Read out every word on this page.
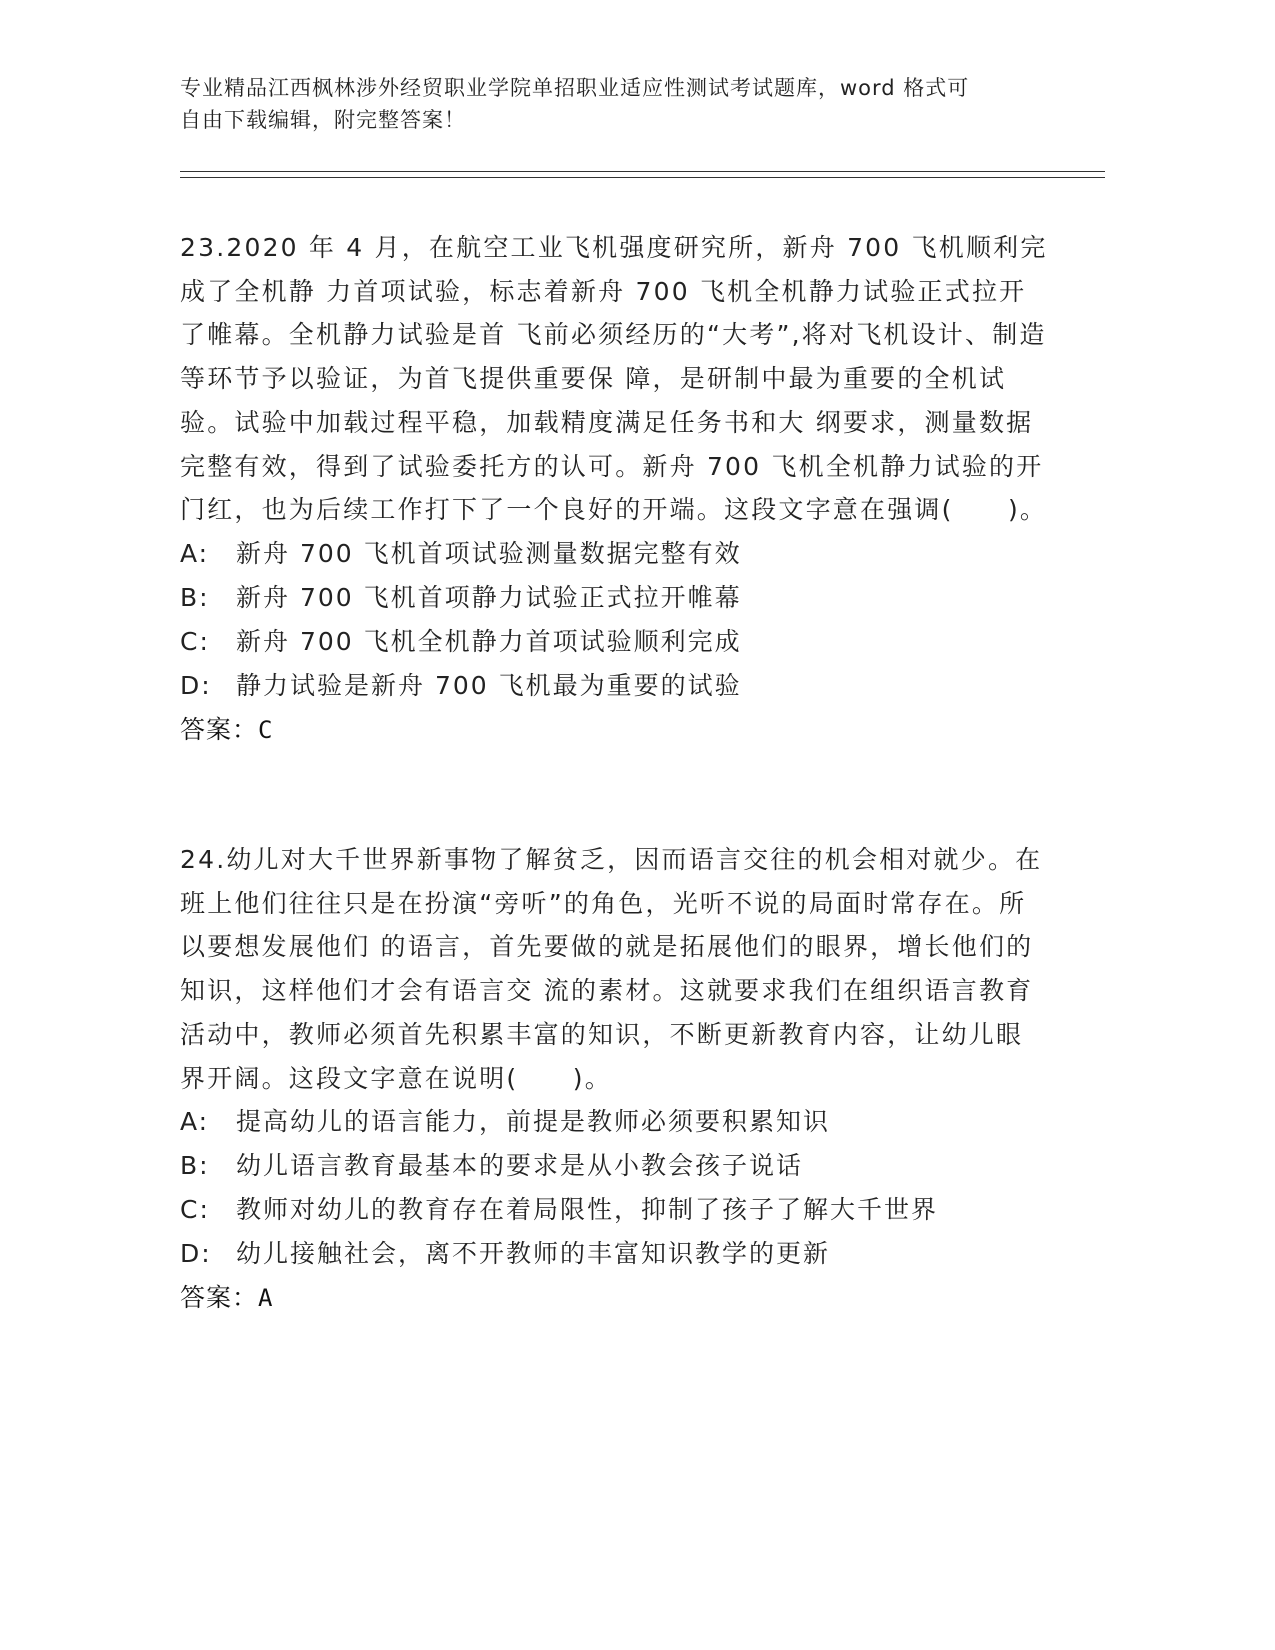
专业精品江西枫林涉外经贸职业学院单招职业适应性测试考试题库，word 格式可
自由下载编辑，附完整答案！

23.2020 年 4 月，在航空工业飞机强度研究所，新舟 700 飞机顺利完成了全机静 力首项试验，标志着新舟 700 飞机全机静力试验正式拉开了帷幕。全机静力试验是首 飞前必须经历的“大考”,将对飞机设计、制造等环节予以验证，为首飞提供重要保 障，是研制中最为重要的全机试验。试验中加载过程平稳，加载精度满足任务书和大 纲要求，测量数据完整有效，得到了试验委托方的认可。新舟 700 飞机全机静力试验的开门红，也为后续工作打下了一个良好的开端。这段文字意在强调(　　)。

A:	新舟 700 飞机首项试验测量数据完整有效
B:	新舟 700 飞机首项静力试验正式拉开帷幕
C:	新舟 700 飞机全机静力首项试验顺利完成
D: 静力试验是新舟 700 飞机最为重要的试验
答案：C

24.幼儿对大千世界新事物了解贫乏，因而语言交往的机会相对就少。在班上他们往往只是在扮演“旁听”的角色，光听不说的局面时常存在。所以要想发展他们 的语言，首先要做的就是拓展他们的眼界，增长他们的知识，这样他们才会有语言交 流的素材。这就要求我们在组织语言教育活动中，教师必须首先积累丰富的知识，不断更新教育内容，让幼儿眼界开阔。这段文字意在说明(　　)。

A:	提高幼儿的语言能力，前提是教师必须要积累知识
B:	幼儿语言教育最基本的要求是从小教会孩子说话
C:	教师对幼儿的教育存在着局限性，抑制了孩子了解大千世界
D: 幼儿接触社会，离不开教师的丰富知识教学的更新
答案：A
